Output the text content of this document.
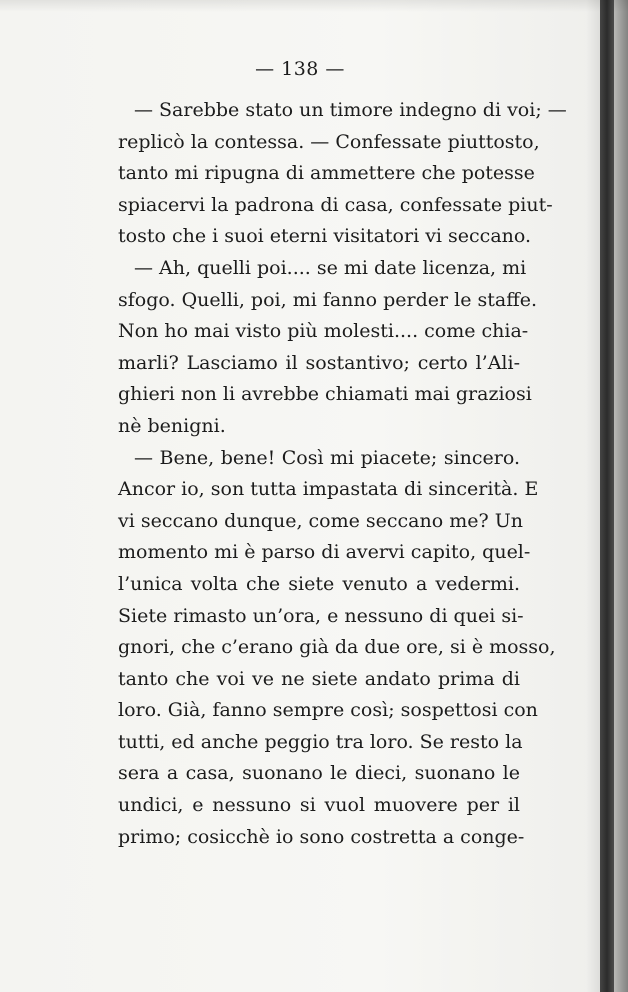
— 138 —
— Sarebbe stato un timore indegno di voi; —
replicò la contessa. — Confessate piuttosto,
tanto mi ripugna di ammettere che potesse
spiacervi la padrona di casa, confessate piut-
tosto che i suoi eterni visitatori vi seccano.
— Ah, quelli poi.... se mi date licenza, mi
sfogo. Quelli, poi, mi fanno perder le staffe.
Non ho mai visto più molesti.... come chia-
marli? Lasciamo il sostantivo; certo l’Ali-
ghieri non li avrebbe chiamati mai graziosi
nè benigni.
— Bene, bene! Così mi piacete; sincero.
Ancor io, son tutta impastata di sincerità. E
vi seccano dunque, come seccano me? Un
momento mi è parso di avervi capito, quel-
l’unica volta che siete venuto a vedermi.
Siete rimasto un’ora, e nessuno di quei si-
gnori, che c’erano già da due ore, si è mosso,
tanto che voi ve ne siete andato prima di
loro. Già, fanno sempre così; sospettosi con
tutti, ed anche peggio tra loro. Se resto la
sera a casa, suonano le dieci, suonano le
undici, e nessuno si vuol muovere per il
primo; cosicchè io sono costretta a conge-
